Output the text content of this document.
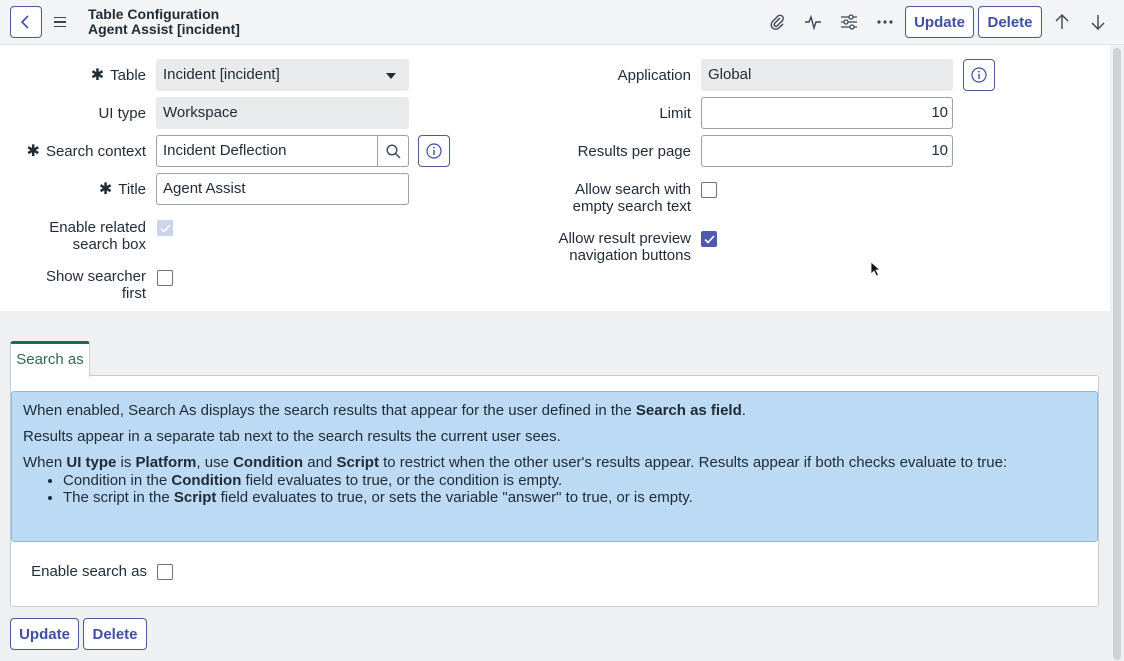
Table Configuration
Agent Assist [incident]	Update	Delete
✱ Table	Incident [incident]
UI type	Workspace
✱ Search context	Incident Deflection
✱ Title	Agent Assist
Enable related
search box
Show searcher first
Application	Global
Limit	10
Results per page	10
Allow search with
empty search text
Allow result preview
navigation buttons
Search as

When enabled, Search As displays the search results that appear for the user defined in the Search as field.

Results appear in a separate tab next to the search results the current user sees.

When UI type is Platform, use Condition and Script to restrict when the other user's results appear. Results appear if both checks evaluate to true:

• Condition in the Condition field evaluates to true, or the condition is empty.
• The script in the Script field evaluates to true, or sets the variable "answer" to true, or is empty.
Enable search as
Update	Delete
